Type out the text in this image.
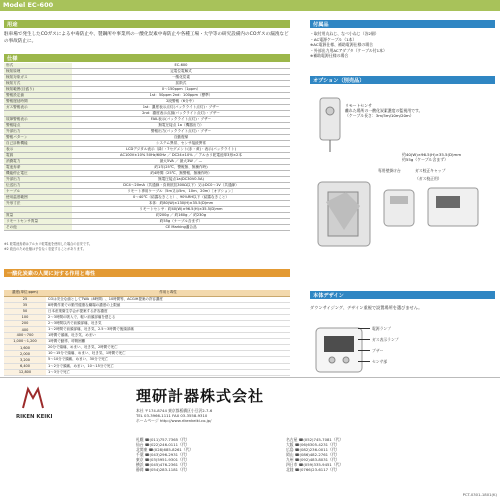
Model EC-600
用途
駐車場で発生したCOガスによる中毒防止や、製鋼所や事業所の一酸化炭素中毒防止や各種工場・大学等の研究設備内のCOガスの漏洩などの事故防止に。
仕様
形式	EC-600
検知原理	定電位電解式
検知対象ガス	一酸化炭素
検知方式	拡散式
検知範囲(目盛り)	0～150ppm（1ppm）
警報設定値	1st：50ppm 2nd：100ppm（標準）
警報遅延時間	2段警報（6分中）
ガス警報表示	1st：濃度表示点灯(バックライト点灯)・ブザー
	2nd：濃度表示点滅(バックライト点灯)・ブザー
故障警報表示	FAIL表示(バックライト点灯)・ブザー
警報接点	無電圧接点 1a（機器出力）
外部出力	警報出力(バックライト点灯)・ブザー
警報パターン	自動復帰
自己診断機能	システム異常、センサ接続異常
表示	LCDデジタル表示（緑）・7セグメント(赤・黄)・表示(バックライト)
電源	AC100V±10% 50Hz/60Hz ／ DC24±10% ／ アルカリ乾電池単3形×2本
消費電力	最大5VA ／ 最大3W ／ —
電池寿命	約1年(25℃、警報無、無操作時)
機能停止電圧	約4時間（25℃、無警報、無操作時）
外部出力	無電圧接点1a(DC30V0.5A)
伝送出力	DC4～20mA（共通線・負荷抵抗300Ω以下）又はDC0～1V（共通線）
ケーブル	リモート専用ケーブル（5m又は5m、10m、20m）［オプション］
使用温度範囲	0～40℃（結露なきこと）、90%RH以下（結露なきこと）
外形寸法	本体：約80(W)×130(H)×35.5(D)mm
	リモートセンサ：約40(W)×96.5(H)×35.5(D)mm
質量	約200g ／ 約160g ／ 約230g
リモートセンサ質量	約55g（ケーブル含まず）
その他	CE Marking適合品
※1 乾電池寿命はアルカリ乾電池を使用した場合の目安です。
※2 改良のため仕様は予告なく変更することがあります。
一酸化炭素の人間に対する作用と毒性
濃度(単位:ppm)	作用と毒性
25	COは安全な値としてTWA（8時間）、10時間等、ACGIH提案の許容濃度
35	8時間作業での勤労健康な職場の濃度の上限値
50	日本産業衛生学会が提案する許容濃度
100	2～3時間の吸入で、軽い前頭部痛を感じる
200	2～3時間以内で前頭部痛、吐き気
400	1～2時間で前頭部痛、吐き気、2.5～3時間で後頭部痛
400～700	1時間で頭痛、吐き気、めまい
1,000～1,200	1時間で動悸、呼吸困難
1,600	20分で頭痛、めまい、吐き気、2時間で死亡
2,000	10～15分で頭痛、めまい、吐き気、1時間で死亡
3,200	5～10分で頭痛、めまい、30分で死亡
6,400	1～2分で頭痛、めまい、10～15分で死亡
12,800	1～3分で死亡
付属品
・取付用丸ねじ、なべ小ねじ（各2個）
・AC電源ケーブル（1本）
※AC電源仕様、補助電源仕様の場合
・外部出力用ACアダプタ（ケーブル付1本）
※補助電源仕様の場合
オプション（別売品）
リモートセンサ
離れた場所の一酸化炭素濃度の監視用です。
（ケーブル長さ：3m/5m/10m/20m）
約40(W)×96.5(H)×35.5(D)mm
約55g（ケーブル含まず）
専用壁掛け台	ガス校正キャップ
（ガス校正用）
本体デザイン
ダウンサイジング、デザイン重視で設置場所を選びません。
電源ランプ
ガス表示ランプ
ブザー
センサ部
RIKEN KEIKI
理研計器株式会社
本社 〒174-8744 東京都板橋区小豆沢2-7-6
TEL 03-3966-1111 FAX 03-3558-9310
ホームページ http://www.rikenkeiki.co.jp/
札幌 ☎(011)757-7365（代）
仙台 ☎(022)246-0111（代）
北関東 ☎(028)685-8261（代）
千葉 ☎(043)296-2931（代）
東京 ☎(03)5951-9301（代）
横浜 ☎(045)476-2361（代）
静岡 ☎(054)283-1181（代）
名古屋 ☎(052)745-7081（代）
大阪 ☎(06)6305-4231（代）
広島 ☎(082)236-0011（代）
岡山 ☎(086)482-2761（代）
九州 ☎(092)483-8031（代）
四日市 ☎(059)335-9451（代）
北陸 ☎(0766)23-6117（代）
PCT-0301-1801(K)
